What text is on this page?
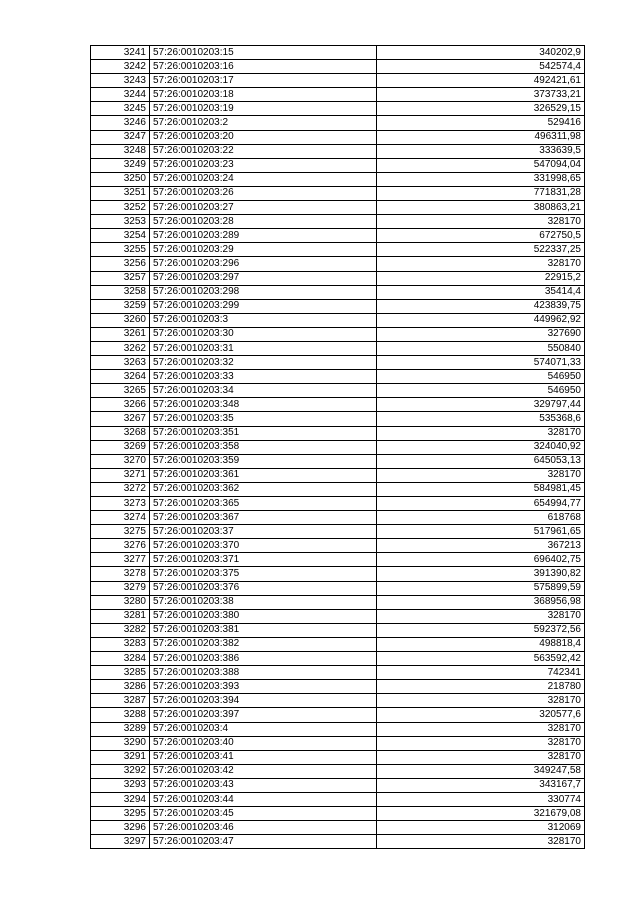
3241	57:26:0010203:15	340202,9
3242	57:26:0010203:16	542574,4
3243	57:26:0010203:17	492421,61
3244	57:26:0010203:18	373733,21
3245	57:26:0010203:19	326529,15
3246	57:26:0010203:2	529416
3247	57:26:0010203:20	496311,98
3248	57:26:0010203:22	333639,5
3249	57:26:0010203:23	547094,04
3250	57:26:0010203:24	331998,65
3251	57:26:0010203:26	771831,28
3252	57:26:0010203:27	380863,21
3253	57:26:0010203:28	328170
3254	57:26:0010203:289	672750,5
3255	57:26:0010203:29	522337,25
3256	57:26:0010203:296	328170
3257	57:26:0010203:297	22915,2
3258	57:26:0010203:298	35414,4
3259	57:26:0010203:299	423839,75
3260	57:26:0010203:3	449962,92
3261	57:26:0010203:30	327690
3262	57:26:0010203:31	550840
3263	57:26:0010203:32	574071,33
3264	57:26:0010203:33	546950
3265	57:26:0010203:34	546950
3266	57:26:0010203:348	329797,44
3267	57:26:0010203:35	535368,6
3268	57:26:0010203:351	328170
3269	57:26:0010203:358	324040,92
3270	57:26:0010203:359	645053,13
3271	57:26:0010203:361	328170
3272	57:26:0010203:362	584981,45
3273	57:26:0010203:365	654994,77
3274	57:26:0010203:367	618768
3275	57:26:0010203:37	517961,65
3276	57:26:0010203:370	367213
3277	57:26:0010203:371	696402,75
3278	57:26:0010203:375	391390,82
3279	57:26:0010203:376	575899,59
3280	57:26:0010203:38	368956,98
3281	57:26:0010203:380	328170
3282	57:26:0010203:381	592372,56
3283	57:26:0010203:382	498818,4
3284	57:26:0010203:386	563592,42
3285	57:26:0010203:388	742341
3286	57:26:0010203:393	218780
3287	57:26:0010203:394	328170
3288	57:26:0010203:397	320577,6
3289	57:26:0010203:4	328170
3290	57:26:0010203:40	328170
3291	57:26:0010203:41	328170
3292	57:26:0010203:42	349247,58
3293	57:26:0010203:43	343167,7
3294	57:26:0010203:44	330774
3295	57:26:0010203:45	321679,08
3296	57:26:0010203:46	312069
3297	57:26:0010203:47	328170
